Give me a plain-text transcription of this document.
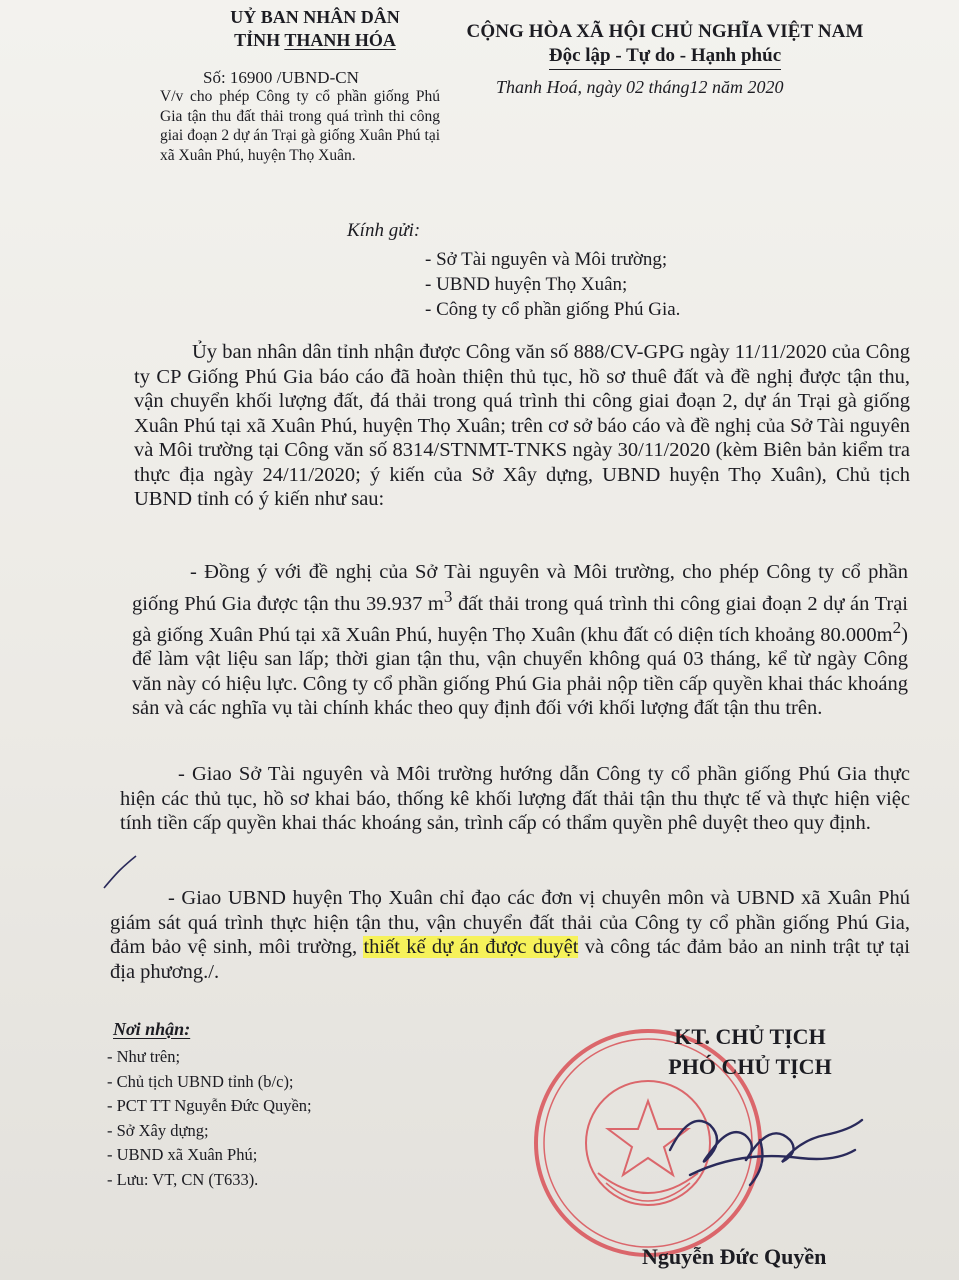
UỶ BAN NHÂN DÂN
TỈNH THANH HÓA	CỘNG HÒA XÃ HỘI CHỦ NGHĨA VIỆT NAM
Độc lập - Tự do - Hạnh phúc
Số: 16900 /UBND-CN
V/v cho phép Công ty cổ phần giống Phú Gia tận thu đất thải trong quá trình thi công giai đoạn 2 dự án Trại gà giống Xuân Phú tại xã Xuân Phú, huyện Thọ Xuân.
Thanh Hoá, ngày 02 tháng12 năm 2020
Kính gửi:
- Sở Tài nguyên và Môi trường;
- UBND huyện Thọ Xuân;
- Công ty cổ phần giống Phú Gia.
Ủy ban nhân dân tỉnh nhận được Công văn số 888/CV-GPG ngày 11/11/2020 của Công ty CP Giống Phú Gia báo cáo đã hoàn thiện thủ tục, hồ sơ thuê đất và đề nghị được tận thu, vận chuyển khối lượng đất, đá thải trong quá trình thi công giai đoạn 2, dự án Trại gà giống Xuân Phú tại xã Xuân Phú, huyện Thọ Xuân; trên cơ sở báo cáo và đề nghị của Sở Tài nguyên và Môi trường tại Công văn số 8314/STNMT-TNKS ngày 30/11/2020 (kèm Biên bản kiểm tra thực địa ngày 24/11/2020; ý kiến của Sở Xây dựng, UBND huyện Thọ Xuân), Chủ tịch UBND tỉnh có ý kiến như sau:
- Đồng ý với đề nghị của Sở Tài nguyên và Môi trường, cho phép Công ty cổ phần giống Phú Gia được tận thu 39.937 $m^3$ đất thải trong quá trình thi công giai đoạn 2 dự án Trại gà giống Xuân Phú tại xã Xuân Phú, huyện Thọ Xuân (khu đất có diện tích khoảng $80.000m^2$) để làm vật liệu san lấp; thời gian tận thu, vận chuyển không quá 03 tháng, kể từ ngày Công văn này có hiệu lực. Công ty cổ phần giống Phú Gia phải nộp tiền cấp quyền khai thác khoáng sản và các nghĩa vụ tài chính khác theo quy định đối với khối lượng đất tận thu trên.
- Giao Sở Tài nguyên và Môi trường hướng dẫn Công ty cổ phần giống Phú Gia thực hiện các thủ tục, hồ sơ khai báo, thống kê khối lượng đất thải tận thu thực tế và thực hiện việc tính tiền cấp quyền khai thác khoáng sản, trình cấp có thẩm quyền phê duyệt theo quy định.
- Giao UBND huyện Thọ Xuân chỉ đạo các đơn vị chuyên môn và UBND xã Xuân Phú giám sát quá trình thực hiện tận thu, vận chuyển đất thải của Công ty cổ phần giống Phú Gia, đảm bảo vệ sinh, môi trường, thiết kế dự án được duyệt và công tác đảm bảo an ninh trật tự tại địa phương./.
Nơi nhận:
- Như trên;
- Chủ tịch UBND tỉnh (b/c);
- PCT TT Nguyễn Đức Quyền;
- Sở Xây dựng;
- UBND xã Xuân Phú;
- Lưu: VT, CN (T633).
KT. CHỦ TỊCH
PHÓ CHỦ TỊCH
Nguyễn Đức Quyền
